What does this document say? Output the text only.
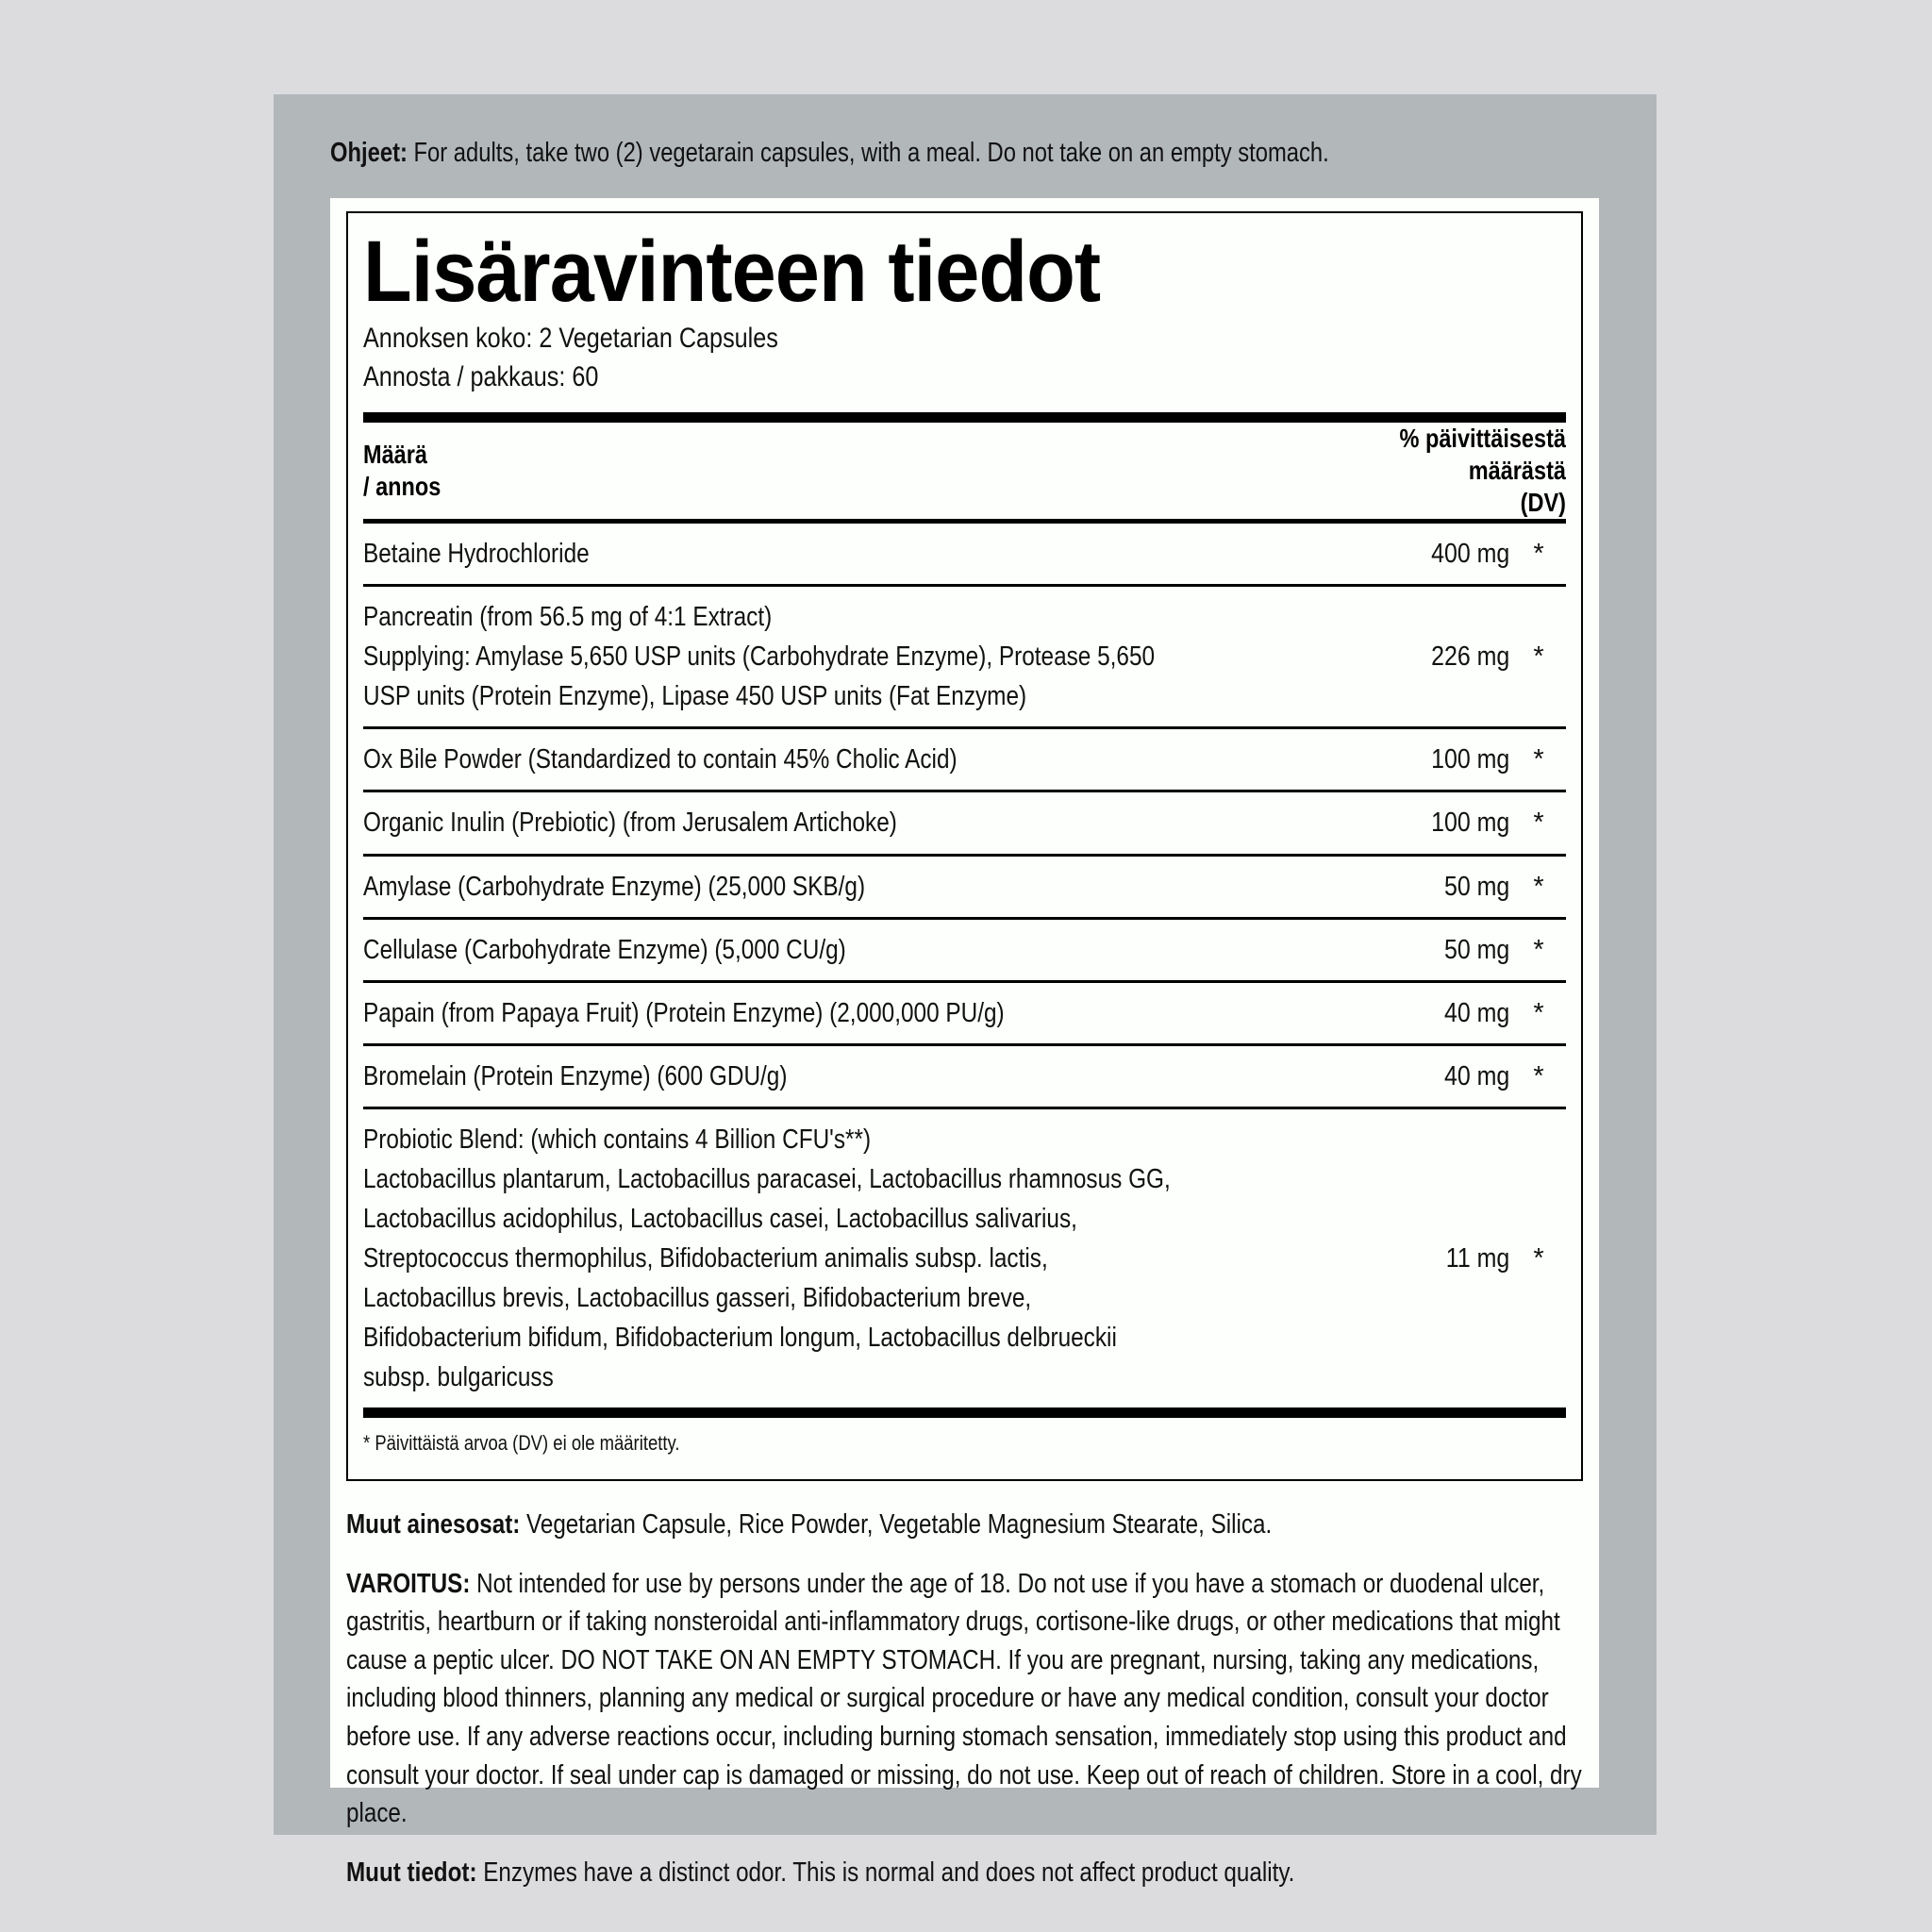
Ohjeet: For adults, take two (2) vegetarain capsules, with a meal. Do not take on an empty stomach.
Lisäravinteen tiedot
Annoksen koko: 2 Vegetarian Capsules
Annosta / pakkaus: 60
Määrä
/ annos

% päivittäisestä
määrästä
(DV)
Betaine Hydrochloride	400 mg	*

Pancreatin (from 56.5 mg of 4:1 Extract)
Supplying: Amylase 5,650 USP units (Carbohydrate Enzyme), Protease 5,650
USP units (Protein Enzyme), Lipase 450 USP units (Fat Enzyme)	226 mg	*

Ox Bile Powder (Standardized to contain 45% Cholic Acid)	100 mg	*

Organic Inulin (Prebiotic) (from Jerusalem Artichoke)	100 mg	*

Amylase (Carbohydrate Enzyme) (25,000 SKB/g)	50 mg	*

Cellulase (Carbohydrate Enzyme) (5,000 CU/g)	50 mg	*

Papain (from Papaya Fruit) (Protein Enzyme) (2,000,000 PU/g)	40 mg	*

Bromelain (Protein Enzyme) (600 GDU/g)	40 mg	*

Probiotic Blend: (which contains 4 Billion CFU's**)
Lactobacillus plantarum, Lactobacillus paracasei, Lactobacillus rhamnosus GG,
Lactobacillus acidophilus, Lactobacillus casei, Lactobacillus salivarius,
Streptococcus thermophilus, Bifidobacterium animalis subsp. lactis,
Lactobacillus brevis, Lactobacillus gasseri, Bifidobacterium breve,
Bifidobacterium bifidum, Bifidobacterium longum, Lactobacillus delbrueckii
subsp. bulgaricuss

11 mg	*
* Päivittäistä arvoa (DV) ei ole määritetty.

Muut ainesosat: Vegetarian Capsule, Rice Powder, Vegetable Magnesium Stearate, Silica.

VAROITUS: Not intended for use by persons under the age of 18. Do not use if you have a stomach or duodenal ulcer, gastritis, heartburn or if taking nonsteroidal anti-inflammatory drugs, cortisone-like drugs, or other medications that might cause a peptic ulcer. DO NOT TAKE ON AN EMPTY STOMACH. If you are pregnant, nursing, taking any medications, including blood thinners, planning any medical or surgical procedure or have any medical condition, consult your doctor before use. If any adverse reactions occur, including burning stomach sensation, immediately stop using this product and consult your doctor. If seal under cap is damaged or missing, do not use. Keep out of reach of children. Store in a cool, dry place.

Muut tiedot: Enzymes have a distinct odor. This is normal and does not affect product quality.
